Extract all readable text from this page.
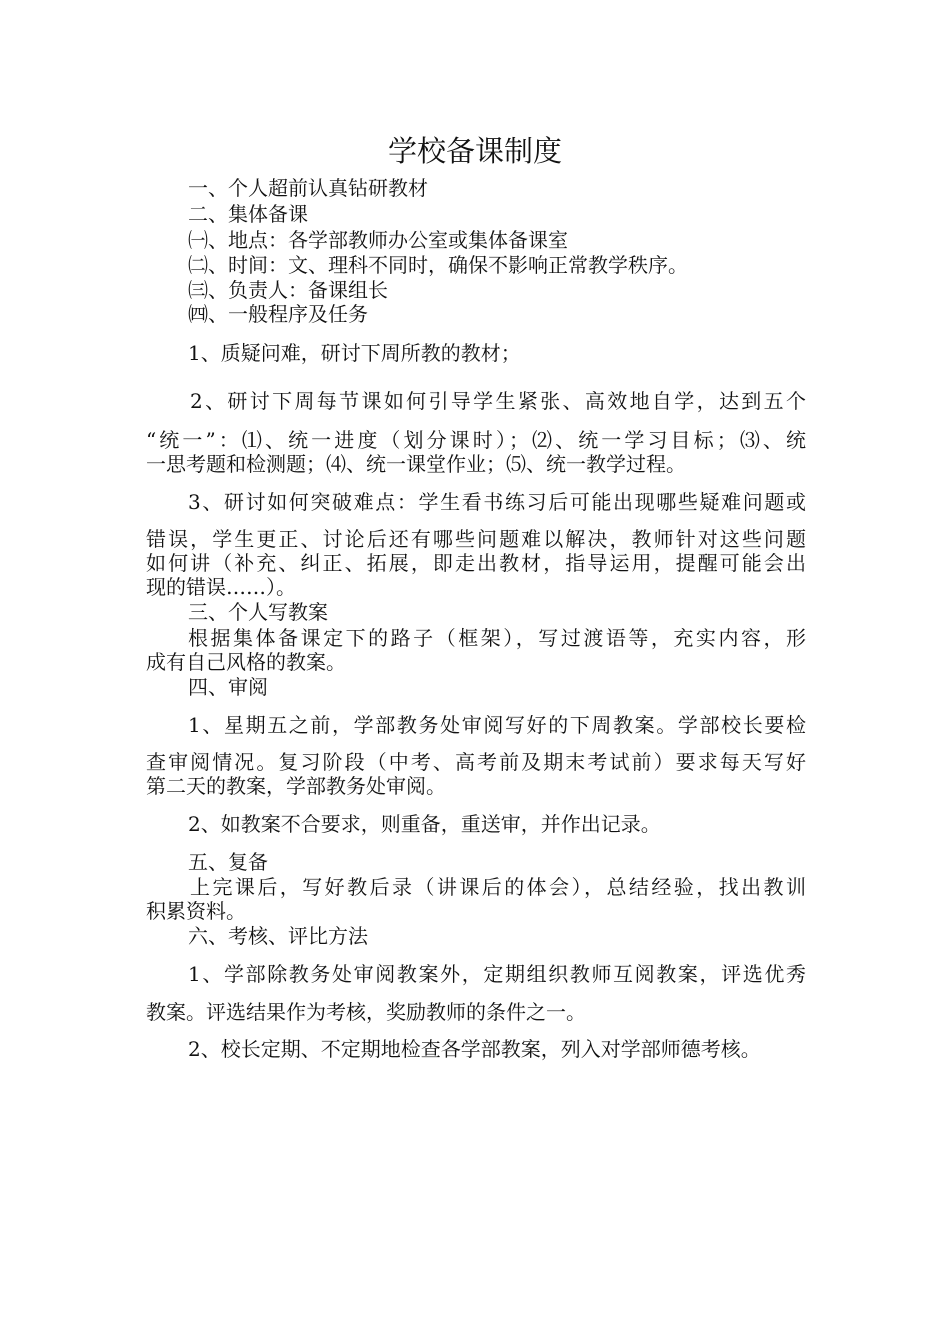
学校备课制度
一、个人超前认真钻研教材
二、集体备课
㈠、地点：各学部教师办公室或集体备课室
㈡、时间：文、理科不同时，确保不影响正常教学秩序。
㈢、负责人：备课组长
㈣、一般程序及任务
1、质疑问难，研讨下周所教的教材；
2、研讨下周每节课如何引导学生紧张、高效地自学，达到五个
“统一”：⑴、统一进度（划分课时）；⑵、统一学习目标；⑶、统
一思考题和检测题；⑷、统一课堂作业；⑸、统一教学过程。
3、研讨如何突破难点：学生看书练习后可能出现哪些疑难问题或
错误，学生更正、讨论后还有哪些问题难以解决，教师针对这些问题
如何讲（补充、纠正、拓展，即走出教材，指导运用，提醒可能会出
现的错误……）。
三、个人写教案
根据集体备课定下的路子（框架），写过渡语等，充实内容，形
成有自己风格的教案。
四、审阅
1、星期五之前，学部教务处审阅写好的下周教案。学部校长要检
查审阅情况。复习阶段（中考、高考前及期末考试前）要求每天写好
第二天的教案，学部教务处审阅。
2、如教案不合要求，则重备，重送审，并作出记录。
五、复备
上完课后，写好教后录（讲课后的体会），总结经验，找出教训
积累资料。
六、考核、评比方法
1、学部除教务处审阅教案外，定期组织教师互阅教案，评选优秀
教案。评选结果作为考核，奖励教师的条件之一。
2、校长定期、不定期地检查各学部教案，列入对学部师德考核。
